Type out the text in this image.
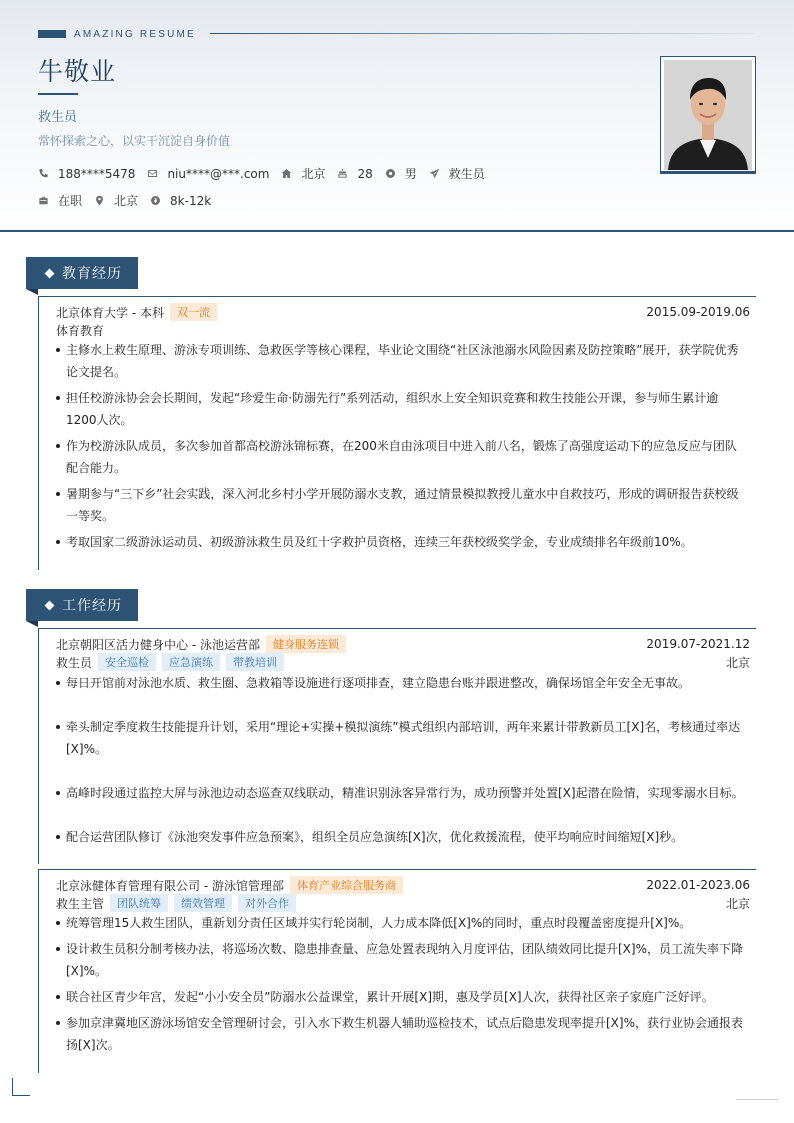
AMAZING RESUME
牛敬业
救生员
常怀探索之心，以实干沉淀自身价值
188****5478	niu****@***.com	北京	28	男	救生员
在职	北京	8k-12k
教育经历
北京体育大学 - 本科	双一流	2015.09-2019.06
体育教育
主修水上救生原理、游泳专项训练、急救医学等核心课程，毕业论文围绕“社区泳池溺水风险因素及防控策略”展开，获学院优秀论文提名。
担任校游泳协会会长期间，发起“珍爱生命·防溺先行”系列活动，组织水上安全知识竞赛和救生技能公开课，参与师生累计逾1200人次。
作为校游泳队成员，多次参加首都高校游泳锦标赛，在200米自由泳项目中进入前八名，锻炼了高强度运动下的应急反应与团队配合能力。
暑期参与“三下乡”社会实践，深入河北乡村小学开展防溺水支教，通过情景模拟教授儿童水中自救技巧，形成的调研报告获校级一等奖。
考取国家二级游泳运动员、初级游泳救生员及红十字救护员资格，连续三年获校级奖学金，专业成绩排名年级前10%。
工作经历
北京朝阳区活力健身中心 - 泳池运营部	健身服务连锁	2019.07-2021.12
救生员	安全巡检	应急演练	带教培训	北京
每日开馆前对泳池水质、救生圈、急救箱等设施进行逐项排查，建立隐患台账并跟进整改，确保场馆全年安全无事故。
牵头制定季度救生技能提升计划，采用“理论+实操+模拟演练”模式组织内部培训，两年来累计带教新员工[X]名，考核通过率达[X]%。
高峰时段通过监控大屏与泳池边动态巡查双线联动，精准识别泳客异常行为，成功预警并处置[X]起潜在险情，实现零溺水目标。
配合运营团队修订《泳池突发事件应急预案》，组织全员应急演练[X]次，优化救援流程，使平均响应时间缩短[X]秒。
北京泳健体育管理有限公司 - 游泳馆管理部	体育产业综合服务商	2022.01-2023.06
救生主管	团队统筹	绩效管理	对外合作	北京
统筹管理15人救生团队，重新划分责任区域并实行轮岗制，人力成本降低[X]%的同时，重点时段覆盖密度提升[X]%。
设计救生员积分制考核办法，将巡场次数、隐患排查量、应急处置表现纳入月度评估，团队绩效同比提升[X]%，员工流失率下降[X]%。
联合社区青少年宫，发起“小小安全员”防溺水公益课堂，累计开展[X]期，惠及学员[X]人次，获得社区亲子家庭广泛好评。
参加京津冀地区游泳场馆安全管理研讨会，引入水下救生机器人辅助巡检技术，试点后隐患发现率提升[X]%，获行业协会通报表扬[X]次。
